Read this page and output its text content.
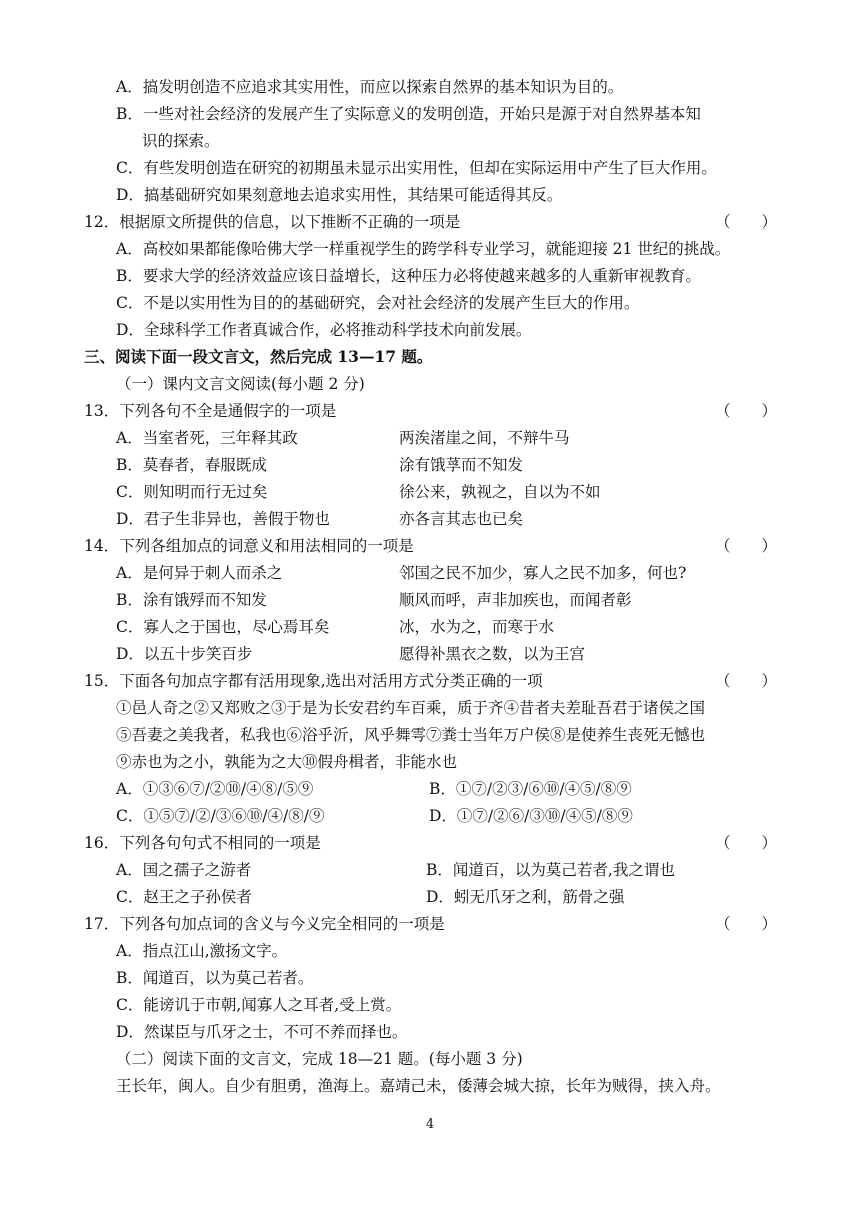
A．搞发明创造不应追求其实用性，而应以探索自然界的基本知识为目的。
B．一些对社会经济的发展产生了实际意义的发明创造，开始只是源于对自然界基本知
识的探索。
C．有些发明创造在研究的初期虽未显示出实用性，但却在实际运用中产生了巨大作用。
D．搞基础研究如果刻意地去追求实用性，其结果可能适得其反。
12．根据原文所提供的信息，以下推断不正确的一项是	（　　）
A．高校如果都能像哈佛大学一样重视学生的跨学科专业学习，就能迎接 21 世纪的挑战。
B．要求大学的经济效益应该日益增长，这种压力必将使越来越多的人重新审视教育。
C．不是以实用性为目的的基础研究，会对社会经济的发展产生巨大的作用。
D．全球科学工作者真诚合作，必将推动科学技术向前发展。
三、阅读下面一段文言文，然后完成 13—17 题。
（一）课内文言文阅读(每小题 2 分)
13．下列各句不全是通假字的一项是	（　　）
A．当室者死，三年释其政	两涘渚崖之间，不辩牛马
B．莫春者，春服既成	涂有饿莩而不知发
C．则知明而行无过矣	徐公来，孰视之，自以为不如
D．君子生非异也，善假于物也	亦各言其志也已矣
14．下列各组加点的词意义和用法相同的一项是	（　　）
A．是何异于刺人而杀之	邻国之民不加少，寡人之民不加多，何也?
B．涂有饿殍而不知发	顺风而呼，声非加疾也，而闻者彰
C．寡人之于国也，尽心焉耳矣	冰，水为之，而寒于水
D．以五十步笑百步	愿得补黑衣之数，以为王宫
15．下面各句加点字都有活用现象,选出对活用方式分类正确的一项	（　　）
①邑人奇之②又郑败之③于是为长安君约车百乘，质于齐④昔者夫差耻吾君于诸侯之国
⑤吾妻之美我者，私我也⑥浴乎沂，风乎舞雩⑦粪士当年万户侯⑧是使养生丧死无憾也
⑨赤也为之小，孰能为之大⑩假舟楫者，非能水也
A．①③⑥⑦/②⑩/④⑧/⑤⑨	B．①⑦/②③/⑥⑩/④⑤/⑧⑨
C．①⑤⑦/②/③⑥⑩/④/⑧/⑨	D．①⑦/②⑥/③⑩/④⑤/⑧⑨
16．下列各句句式不相同的一项是	（　　）
A．国之孺子之游者	B．闻道百，以为莫己若者,我之谓也
C．赵王之子孙侯者	D．蚓无爪牙之利，筋骨之强
17．下列各句加点词的含义与今义完全相同的一项是	（　　）
A．指点江山,激扬文字。
B．闻道百，以为莫己若者。
C．能谤讥于市朝,闻寡人之耳者,受上赏。
D．然谋臣与爪牙之士，不可不养而择也。
（二）阅读下面的文言文，完成 18—21 题。(每小题 3 分)
王长年，闽人。自少有胆勇，渔海上。嘉靖己未，倭薄会城大掠，长年为贼得，挟入舟。
4
